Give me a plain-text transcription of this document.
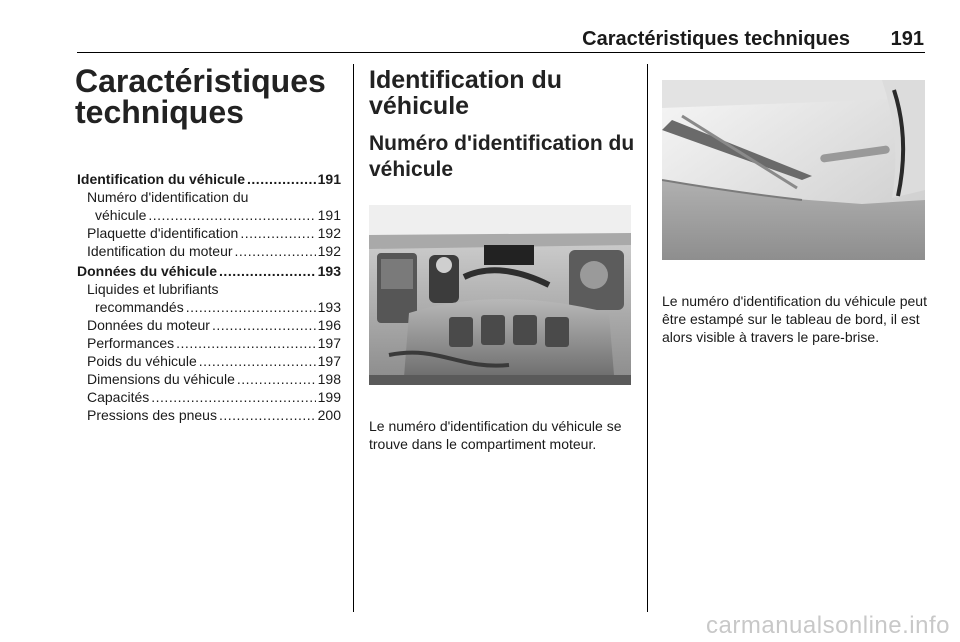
Caractéristiques techniques	191
Caractéristiques
techniques
Identification du véhicule .....	191
Numéro d'identification du
véhicule .....	191
Plaquette d'identification .....	192
Identification du moteur .....	192
Données du véhicule .....	193
Liquides et lubrifiants
recommandés .....	193
Données du moteur .....	196
Performances .....	197
Poids du véhicule .....	197
Dimensions du véhicule .....	198
Capacités .....	199
Pressions des pneus .....	200
Identification du
véhicule
Numéro d'identification du
véhicule
Le numéro d'identification du véhicule se trouve dans le compartiment moteur.
Le numéro d'identification du véhicule peut être estampé sur le tableau de bord, il est alors visible à travers le pare-brise.
carmanualsonline.info
